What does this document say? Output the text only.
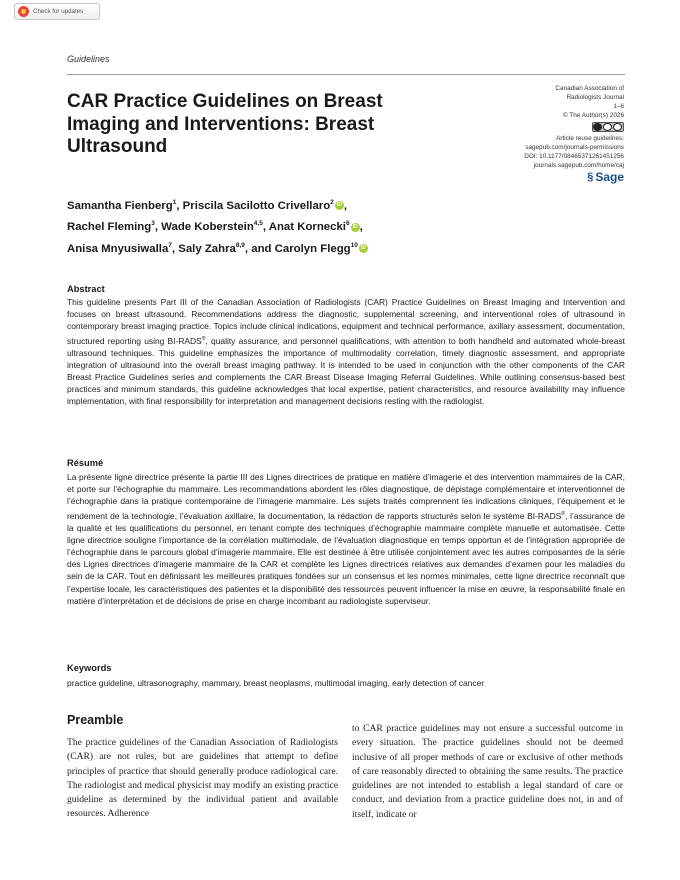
Check for updates
Guidelines
CAR Practice Guidelines on Breast Imaging and Interventions: Breast Ultrasound
Canadian Association of
Radiologists Journal
1–6
© The Author(s) 2026
Article reuse guidelines:
sagepub.com/journals-permissions
DOI: 10.1177/08465371261451256
journals.sagepub.com/home/caj
§ Sage
Samantha Fienberg$^1$, Priscila Sacilotto Crivellaro$^2$ iD ,
Rachel Fleming$^3$, Wade Koberstein$^{4,5}$, Anat Kornecki$^6$ iD ,
Anisa Mnyusiwalla$^7$, Saly Zahra$^{8,9}$, and Carolyn Flegg$^{10}$ iD
Abstract
This guideline presents Part III of the Canadian Association of Radiologists (CAR) Practice Guidelines on Breast Imaging and Intervention and focuses on breast ultrasound. Recommendations address the diagnostic, supplemental screening, and interventional roles of ultrasound in contemporary breast imaging practice. Topics include clinical indications, equipment and technical performance, axillary assessment, documentation, structured reporting using BI-RADS®, quality assurance, and personnel qualifications, with attention to both handheld and automated whole-breast ultrasound techniques. This guideline emphasizes the importance of multimodality correlation, timely diagnostic assessment, and appropriate integration of ultrasound into the overall breast imaging pathway. It is intended to be used in conjunction with the other components of the CAR Breast Practice Guidelines series and complements the CAR Breast Disease Imaging Referral Guidelines. While outlining consensus-based best practices and minimum standards, this guideline acknowledges that local expertise, patient characteristics, and resource availability may influence implementation, with final responsibility for interpretation and management decisions resting with the radiologist.
Résumé
La présente ligne directrice présente la partie III des Lignes directrices de pratique en matière d’imagerie et des intervention mammaires de la CAR, et porte sur l’échographie du mammaire. Les recommandations abordent les rôles diagnostique, de dépistage complémentaire et interventionnel de l’échographie dans la pratique contemporaine de l’imagerie mammaire. Les sujets traités comprennent les indications cliniques, l’équipement et le rendement de la technologie, l’évaluation axillaire, la documentation, la rédaction de rapports structurés selon le système BI-RADS®, l’assurance de la qualité et les qualifications du personnel, en tenant compte des techniques d’échographie mammaire complète manuelle et automatisée. Cette ligne directrice souligne l’importance de la corrélation multimodale, de l’évaluation diagnostique en temps opportun et de l’intégration appropriée de l’échographie dans le parcours global d’imagerie mammaire. Elle est destinée à être utilisée conjointement avec les autres composantes de la série des Lignes directrices d’imagerie mammaire de la CAR et complète les Lignes directrices relatives aux demandes d’examen pour les maladies du sein de la CAR. Tout en définissant les meilleures pratiques fondées sur un consensus et les normes minimales, cette ligne directrice reconnaît que l’expertise locale, les caractéristiques des patientes et la disponibilité des ressources peuvent influencer la mise en œuvre, la responsabilité finale en matière d’interprétation et de décisions de prise en charge incombant au radiologiste superviseur.
Keywords
practice guideline, ultrasonography, mammary, breast neoplasms, multimodal imaging, early detection of cancer
Preamble
The practice guidelines of the Canadian Association of Radiologists (CAR) are not rules, but are guidelines that attempt to define principles of practice that should generally produce radiological care. The radiologist and medical physicist may modify an existing practice guideline as determined by the individual patient and available resources. Adherence
to CAR practice guidelines may not ensure a successful outcome in every situation. The practice guidelines should not be deemed inclusive of all proper methods of care or exclusive of other methods of care reasonably directed to obtaining the same results. The practice guidelines are not intended to establish a legal standard of care or conduct, and deviation from a practice guideline does not, in and of itself, indicate or
